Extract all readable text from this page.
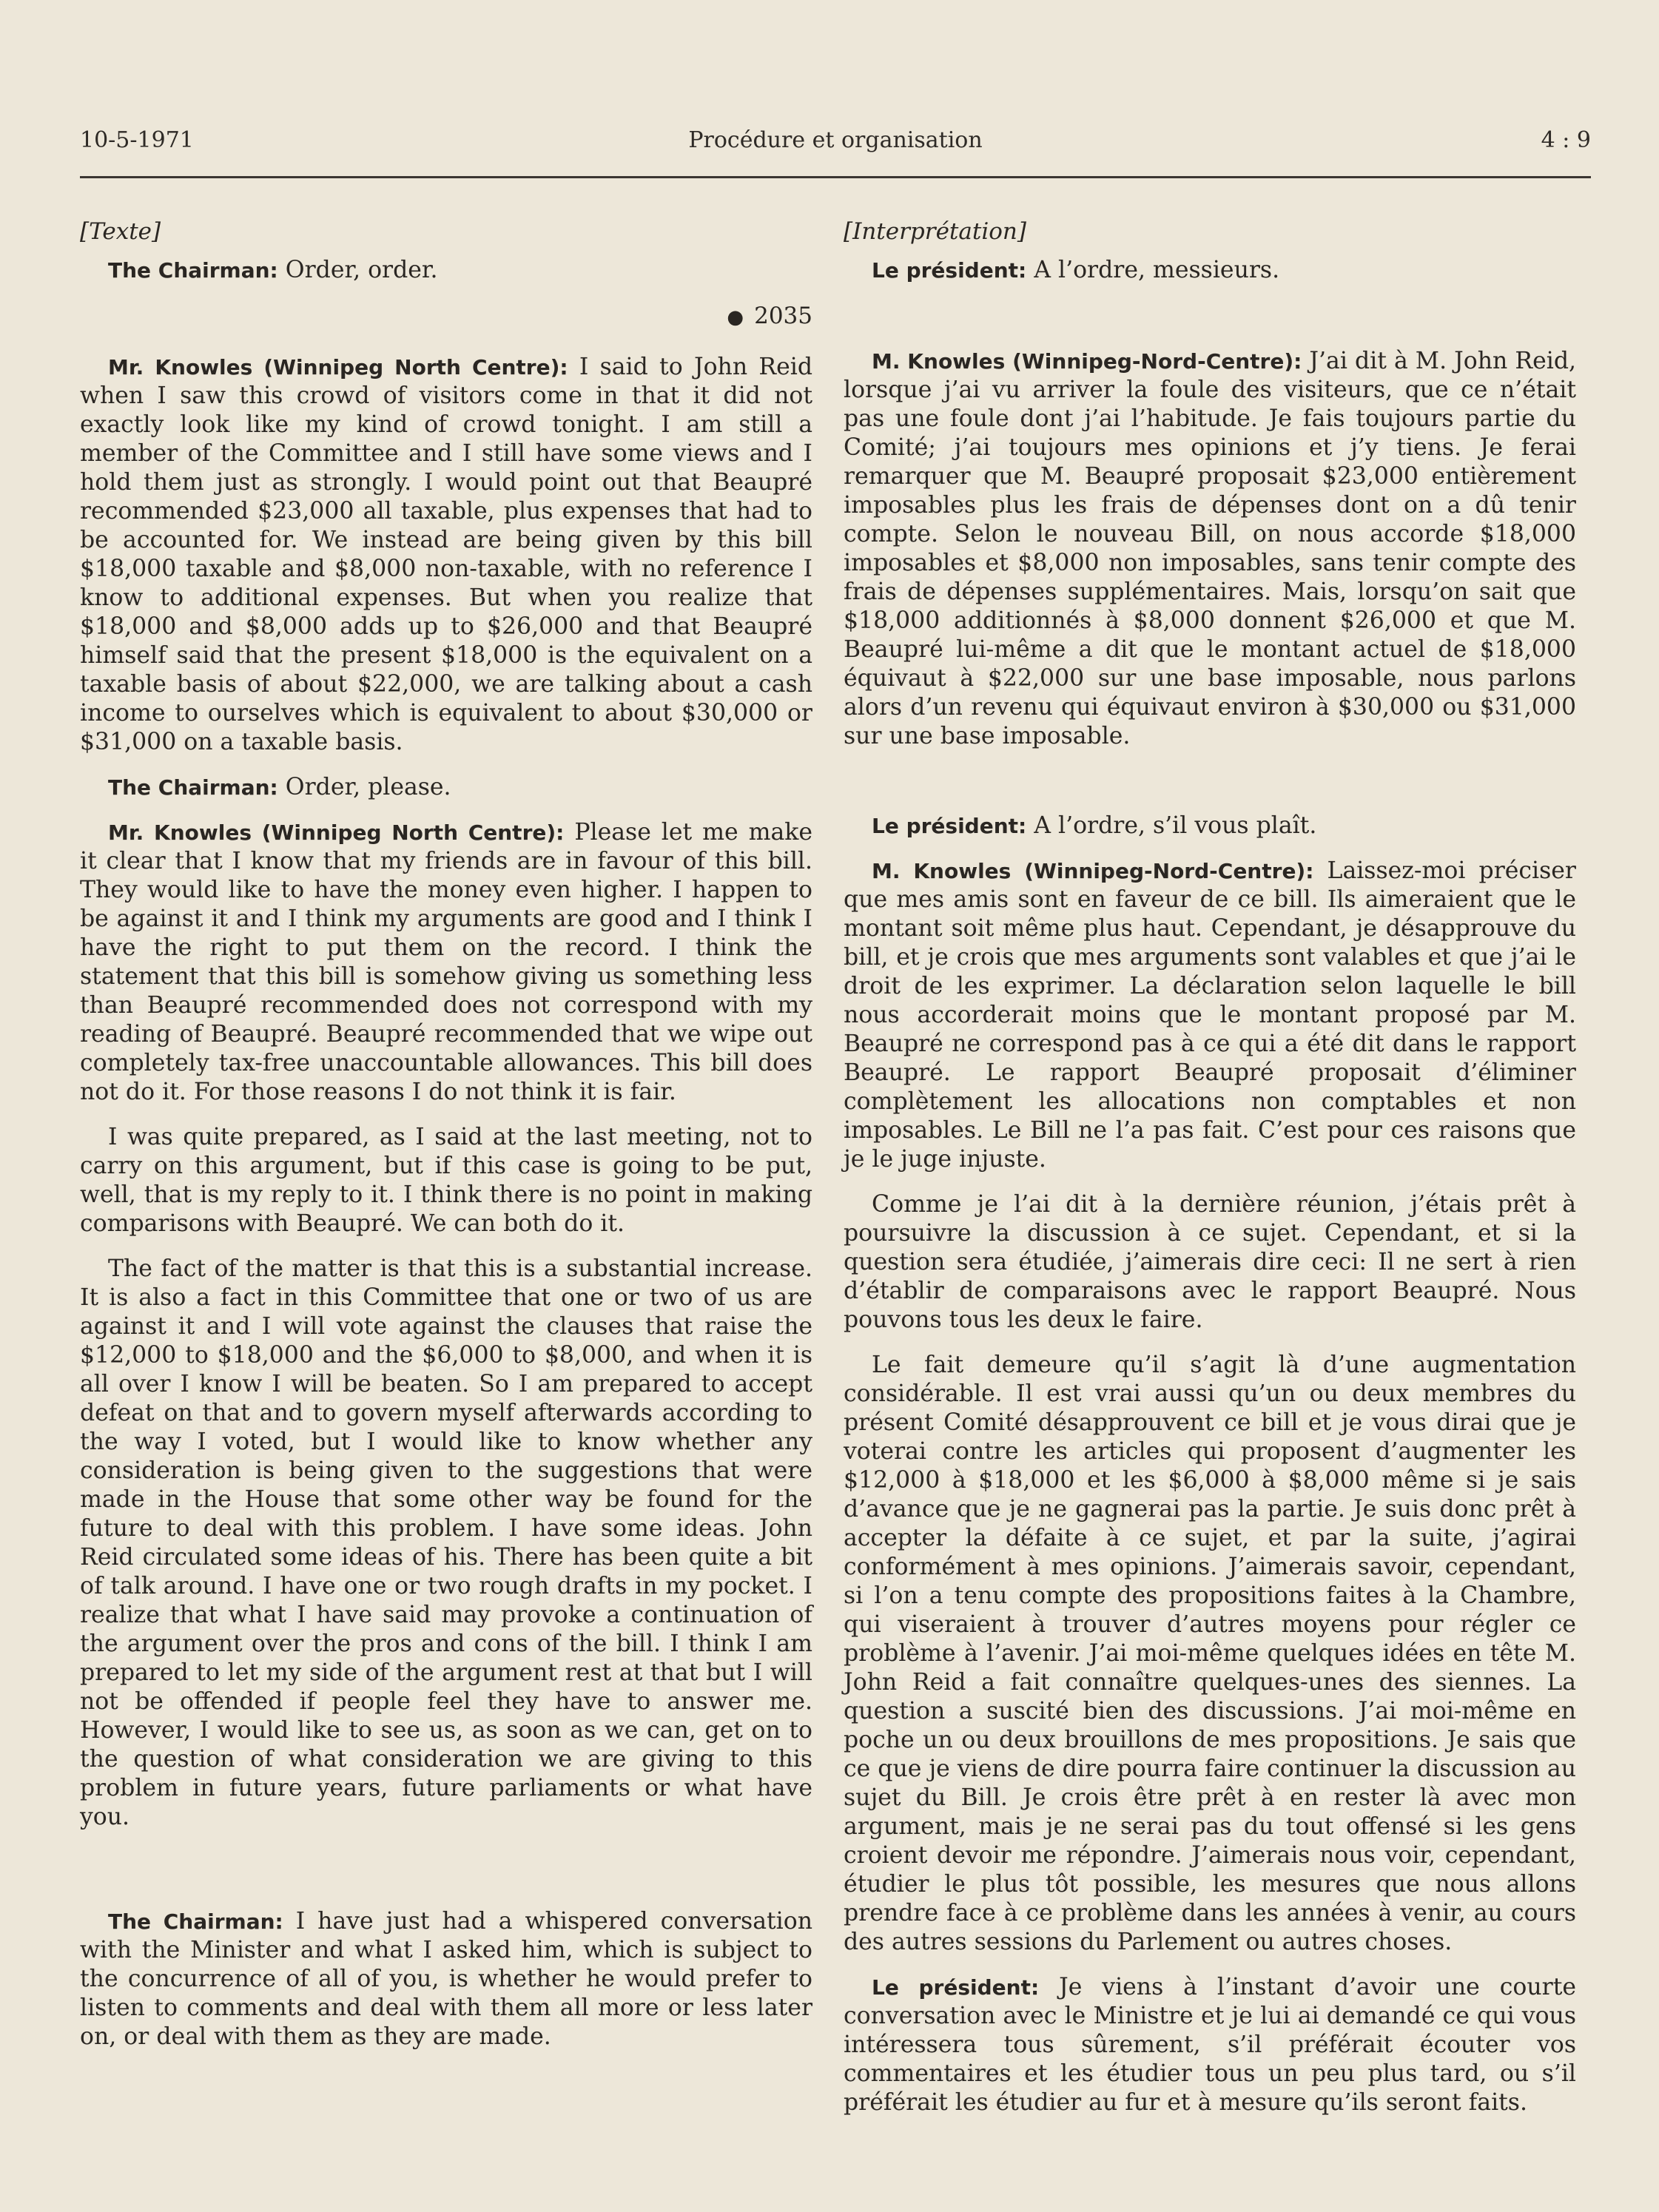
10-5-1971	Procédure et organisation	4 : 9
[Texte]

The Chairman: Order, order.

● 2035

Mr. Knowles (Winnipeg North Centre): I said to John Reid when I saw this crowd of visitors come in that it did not exactly look like my kind of crowd tonight. I am still a member of the Committee and I still have some views and I hold them just as strongly. I would point out that Beaupré recommended $23,000 all taxable, plus expenses that had to be accounted for. We instead are being given by this bill $18,000 taxable and $8,000 non-taxable, with no reference I know to additional expenses. But when you realize that $18,000 and $8,000 adds up to $26,000 and that Beaupré himself said that the present $18,000 is the equivalent on a taxable basis of about $22,000, we are talking about a cash income to ourselves which is equivalent to about $30,000 or $31,000 on a taxable basis.

The Chairman: Order, please.

Mr. Knowles (Winnipeg North Centre): Please let me make it clear that I know that my friends are in favour of this bill. They would like to have the money even higher. I happen to be against it and I think my arguments are good and I think I have the right to put them on the record. I think the statement that this bill is somehow giving us something less than Beaupré recommended does not correspond with my reading of Beaupré. Beaupré recommended that we wipe out completely tax-free unaccountable allowances. This bill does not do it. For those reasons I do not think it is fair.

I was quite prepared, as I said at the last meeting, not to carry on this argument, but if this case is going to be put, well, that is my reply to it. I think there is no point in making comparisons with Beaupré. We can both do it.

The fact of the matter is that this is a substantial increase. It is also a fact in this Committee that one or two of us are against it and I will vote against the clauses that raise the $12,000 to $18,000 and the $6,000 to $8,000, and when it is all over I know I will be beaten. So I am prepared to accept defeat on that and to govern myself afterwards according to the way I voted, but I would like to know whether any consideration is being given to the suggestions that were made in the House that some other way be found for the future to deal with this problem. I have some ideas. John Reid circulated some ideas of his. There has been quite a bit of talk around. I have one or two rough drafts in my pocket. I realize that what I have said may provoke a continuation of the argument over the pros and cons of the bill. I think I am prepared to let my side of the argument rest at that but I will not be offended if people feel they have to answer me. However, I would like to see us, as soon as we can, get on to the question of what consideration we are giving to this problem in future years, future parliaments or what have you.

The Chairman: I have just had a whispered conversation with the Minister and what I asked him, which is subject to the concurrence of all of you, is whether he would prefer to listen to comments and deal with them all more or less later on, or deal with them as they are made.

[Interprétation]

Le président: A l’ordre, messieurs.

M. Knowles (Winnipeg-Nord-Centre): J’ai dit à M. John Reid, lorsque j’ai vu arriver la foule des visiteurs, que ce n’était pas une foule dont j’ai l’habitude. Je fais toujours partie du Comité; j’ai toujours mes opinions et j’y tiens. Je ferai remarquer que M. Beaupré proposait $23,000 entièrement imposables plus les frais de dépenses dont on a dû tenir compte. Selon le nouveau Bill, on nous accorde $18,000 imposables et $8,000 non imposables, sans tenir compte des frais de dépenses supplémentaires. Mais, lorsqu’on sait que $18,000 additionnés à $8,000 donnent $26,000 et que M. Beaupré lui-même a dit que le montant actuel de $18,000 équivaut à $22,000 sur une base imposable, nous parlons alors d’un revenu qui équivaut environ à $30,000 ou $31,000 sur une base imposable.

Le président: A l’ordre, s’il vous plaît.

M. Knowles (Winnipeg-Nord-Centre): Laissez-moi préciser que mes amis sont en faveur de ce bill. Ils aimeraient que le montant soit même plus haut. Cependant, je désapprouve du bill, et je crois que mes arguments sont valables et que j’ai le droit de les exprimer. La déclaration selon laquelle le bill nous accorderait moins que le montant proposé par M. Beaupré ne correspond pas à ce qui a été dit dans le rapport Beaupré. Le rapport Beaupré proposait d’éliminer complètement les allocations non comptables et non imposables. Le Bill ne l’a pas fait. C’est pour ces raisons que je le juge injuste.

Comme je l’ai dit à la dernière réunion, j’étais prêt à poursuivre la discussion à ce sujet. Cependant, et si la question sera étudiée, j’aimerais dire ceci: Il ne sert à rien d’établir de comparaisons avec le rapport Beaupré. Nous pouvons tous les deux le faire.

Le fait demeure qu’il s’agit là d’une augmentation considérable. Il est vrai aussi qu’un ou deux membres du présent Comité désapprouvent ce bill et je vous dirai que je voterai contre les articles qui proposent d’augmenter les $12,000 à $18,000 et les $6,000 à $8,000 même si je sais d’avance que je ne gagnerai pas la partie. Je suis donc prêt à accepter la défaite à ce sujet, et par la suite, j’agirai conformément à mes opinions. J’aimerais savoir, cependant, si l’on a tenu compte des propositions faites à la Chambre, qui viseraient à trouver d’autres moyens pour régler ce problème à l’avenir. J’ai moi-même quelques idées en tête M. John Reid a fait connaître quelques-unes des siennes. La question a suscité bien des discussions. J’ai moi-même en poche un ou deux brouillons de mes propositions. Je sais que ce que je viens de dire pourra faire continuer la discussion au sujet du Bill. Je crois être prêt à en rester là avec mon argument, mais je ne serai pas du tout offensé si les gens croient devoir me répondre. J’aimerais nous voir, cependant, étudier le plus tôt possible, les mesures que nous allons prendre face à ce problème dans les années à venir, au cours des autres sessions du Parlement ou autres choses.

Le président: Je viens à l’instant d’avoir une courte conversation avec le Ministre et je lui ai demandé ce qui vous intéressera tous sûrement, s’il préférait écouter vos commentaires et les étudier tous un peu plus tard, ou s’il préférait les étudier au fur et à mesure qu’ils seront faits.
